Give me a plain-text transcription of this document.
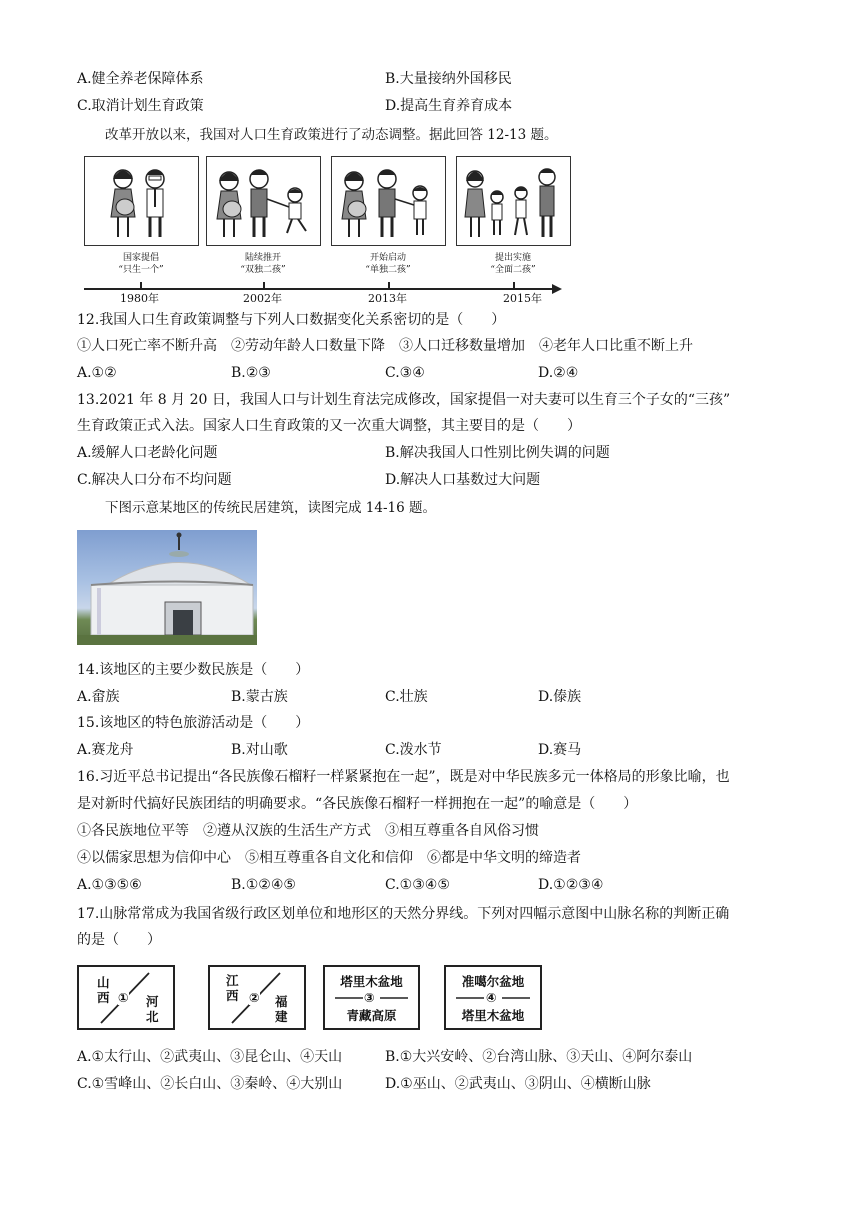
A.健全养老保障体系	B.大量接纳外国移民
C.取消计划生育政策	D.提高生育养育成本
改革开放以来，我国对人口生育政策进行了动态调整。据此回答 12-13 题。
国家提倡
“只生一个”
陆续推开
“双独二孩”
开始启动
“单独二孩”
提出实施
“全面二孩”
1980年	2002年	2013年	2015年
12.我国人口生育政策调整与下列人口数据变化关系密切的是（　　）
①人口死亡率不断升高　②劳动年龄人口数量下降　③人口迁移数量增加　④老年人口比重不断上升
A.①②	B.②③	C.③④	D.②④
13.2021 年 8 月 20 日，我国人口与计划生育法完成修改，国家提倡一对夫妻可以生育三个子女的“三孩”
生育政策正式入法。国家人口生育政策的又一次重大调整，其主要目的是（　　）
A.缓解人口老龄化问题	B.解决我国人口性别比例失调的问题
C.解决人口分布不均问题	D.解决人口基数过大问题
下图示意某地区的传统民居建筑，读图完成 14-16 题。
14.该地区的主要少数民族是（　　）
A.畲族	B.蒙古族	C.壮族	D.傣族
15.该地区的特色旅游活动是（　　）
A.赛龙舟	B.对山歌	C.泼水节	D.赛马
16.习近平总书记提出“各民族像石榴籽一样紧紧抱在一起”，既是对中华民族多元一体格局的形象比喻，也
是对新时代搞好民族团结的明确要求。“各民族像石榴籽一样拥抱在一起”的喻意是（　　）
①各民族地位平等　②遵从汉族的生活生产方式　③相互尊重各自风俗习惯
④以儒家思想为信仰中心　⑤相互尊重各自文化和信仰　⑥都是中华文明的缔造者
A.①③⑤⑥	B.①②④⑤	C.①③④⑤	D.①②③④
17.山脉常常成为我国省级行政区划单位和地形区的天然分界线。下列对四幅示意图中山脉名称的判断正确
的是（　　）
山
西 ① 河
北
江
西 ② 福
建
塔里木盆地
③
青藏高原
准噶尔盆地
④
塔里木盆地
A.①太行山、②武夷山、③昆仑山、④天山	B.①大兴安岭、②台湾山脉、③天山、④阿尔泰山
C.①雪峰山、②长白山、③秦岭、④大别山	D.①巫山、②武夷山、③阴山、④横断山脉
